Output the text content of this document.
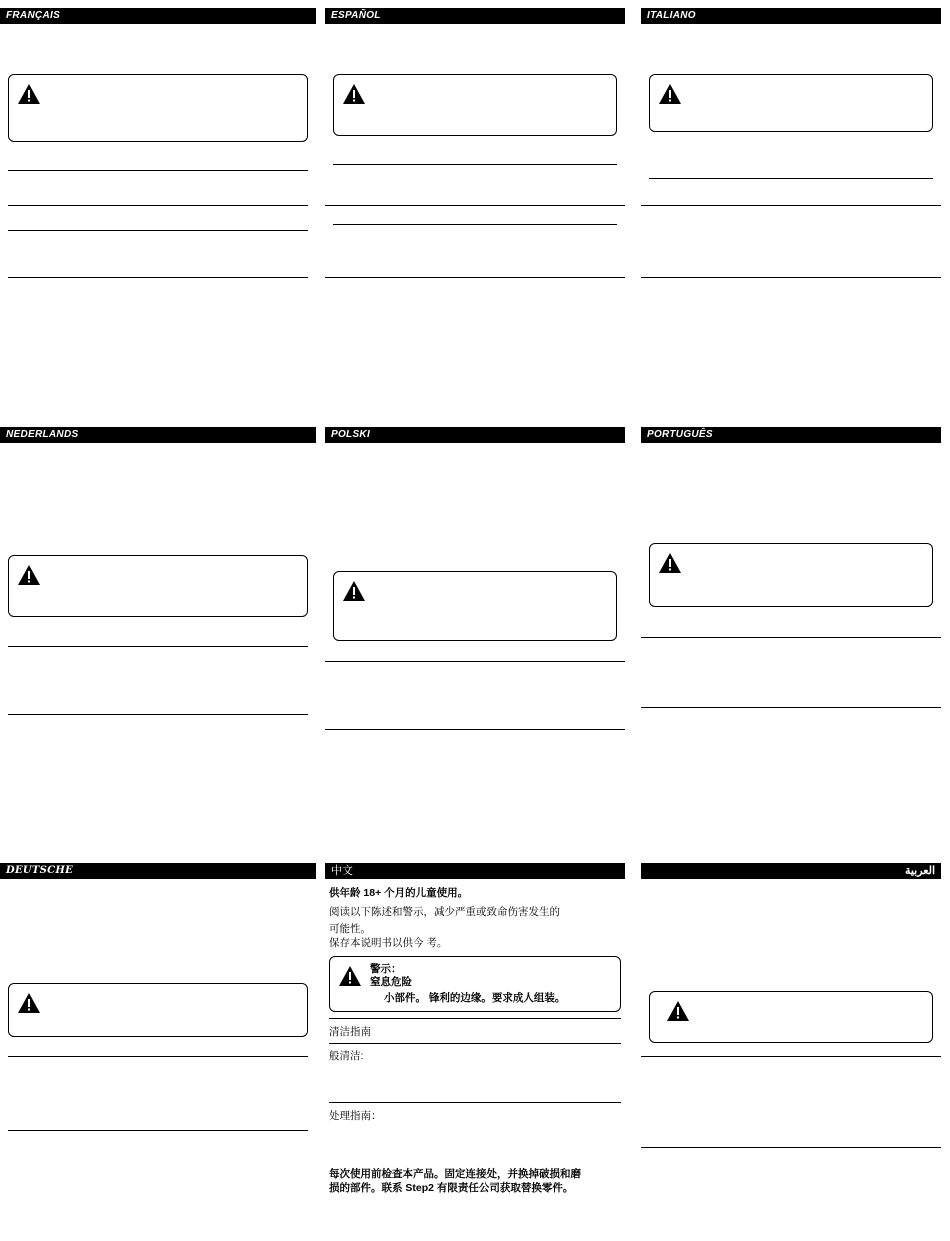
FRANÇAIS	ESPAÑOL	ITALIANO
NEDERLANDS	POLSKI	PORTUGUÊS
DEUTSCHE	中文
供年龄 18+ 个月的儿童使用。
阅读以下陈述和警示，减少严重或致命伤害发生的
可能性。
保存本说明书以供今 考。
警示：
窒息危险
小部件。 锋利的边缘。要求成人组装。
清洁指南
般清洁:
处理指南：
每次使用前检查本产品。固定连接处，并换掉破损和磨
损的部件。联系 Step2 有限责任公司获取替换零件。
العربية
